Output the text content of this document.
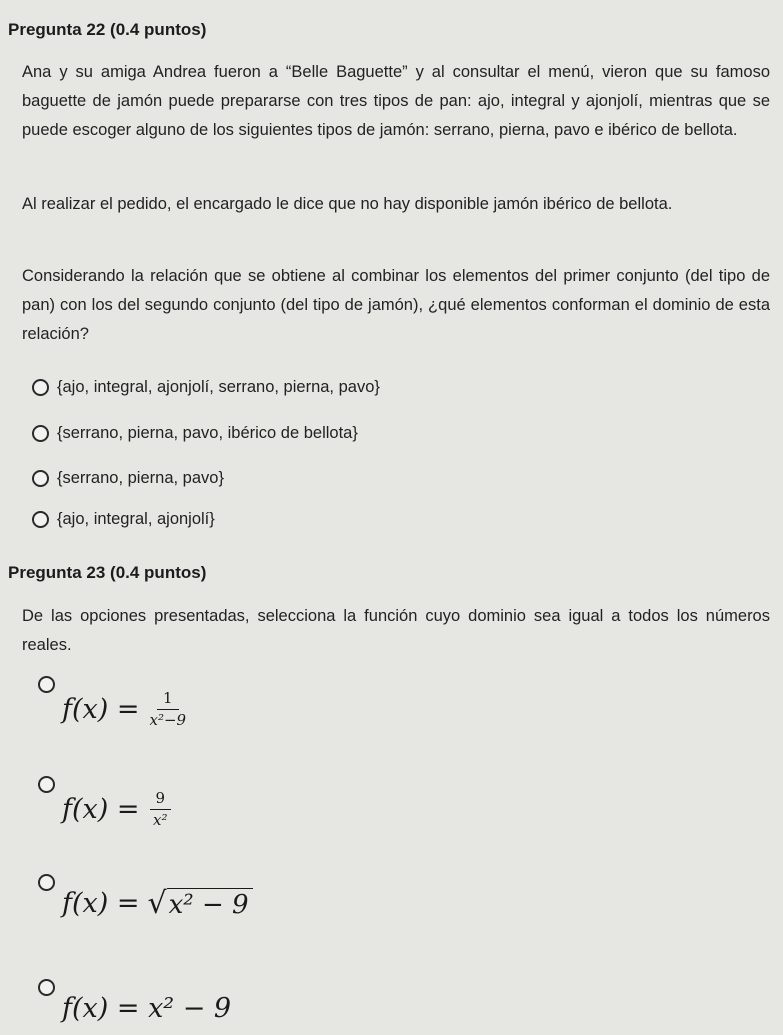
Pregunta 22 (0.4 puntos)
Ana y su amiga Andrea fueron a “Belle Baguette” y al consultar el menú, vieron que su famoso baguette de jamón puede prepararse con tres tipos de pan: ajo, integral y ajonjolí, mientras que se puede escoger alguno de los siguientes tipos de jamón: serrano, pierna, pavo e ibérico de bellota.
Al realizar el pedido, el encargado le dice que no hay disponible jamón ibérico de bellota.
Considerando la relación que se obtiene al combinar los elementos del primer conjunto (del tipo de pan) con los del segundo conjunto (del tipo de jamón), ¿qué elementos conforman el dominio de esta relación?
{ajo, integral, ajonjolí, serrano, pierna, pavo}
{serrano, pierna, pavo, ibérico de bellota}
{serrano, pierna, pavo}
{ajo, integral, ajonjolí}
Pregunta 23 (0.4 puntos)
De las opciones presentadas, selecciona la función cuyo dominio sea igual a todos los números reales.
$f(x) = \frac{1}{\text{x²−9}}$
$f(x) = \frac{9}{\text{x²}}$
f(x) = √ x² − 9
f(x) = x² − 9
